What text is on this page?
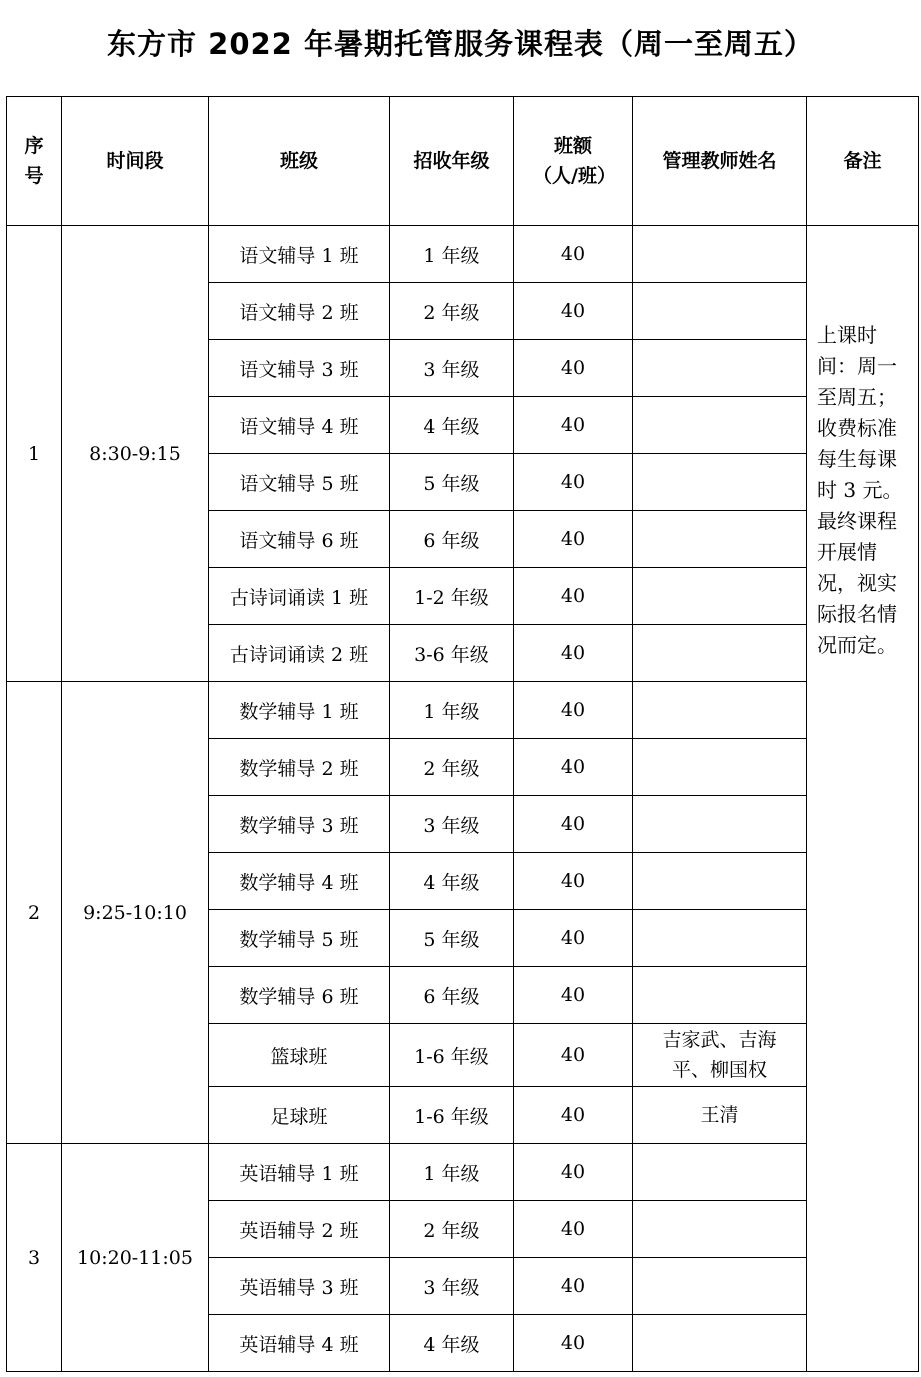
东方市 2022 年暑期托管服务课程表（周一至周五）
序号	时间段	班级	招收年级	班额（人/班）	管理教师姓名	备注
1	8:30-9:15	语文辅导 1 班	1 年级	40		上课时间：周一至周五；收费标准每生每课时 3 元。最终课程开展情况，视实际报名情况而定。
		语文辅导 2 班	2 年级	40		
		语文辅导 3 班	3 年级	40		
		语文辅导 4 班	4 年级	40		
		语文辅导 5 班	5 年级	40		
		语文辅导 6 班	6 年级	40		
		古诗词诵读 1 班	1-2 年级	40		
		古诗词诵读 2 班	3-6 年级	40		
2	9:25-10:10	数学辅导 1 班	1 年级	40		
		数学辅导 2 班	2 年级	40		
		数学辅导 3 班	3 年级	40		
		数学辅导 4 班	4 年级	40		
		数学辅导 5 班	5 年级	40		
		数学辅导 6 班	6 年级	40		
		篮球班	1-6 年级	40	吉家武、吉海平、柳国权	
		足球班	1-6 年级	40	王清	
3	10:20-11:05	英语辅导 1 班	1 年级	40		
		英语辅导 2 班	2 年级	40		
		英语辅导 3 班	3 年级	40		
		英语辅导 4 班	4 年级	40		
